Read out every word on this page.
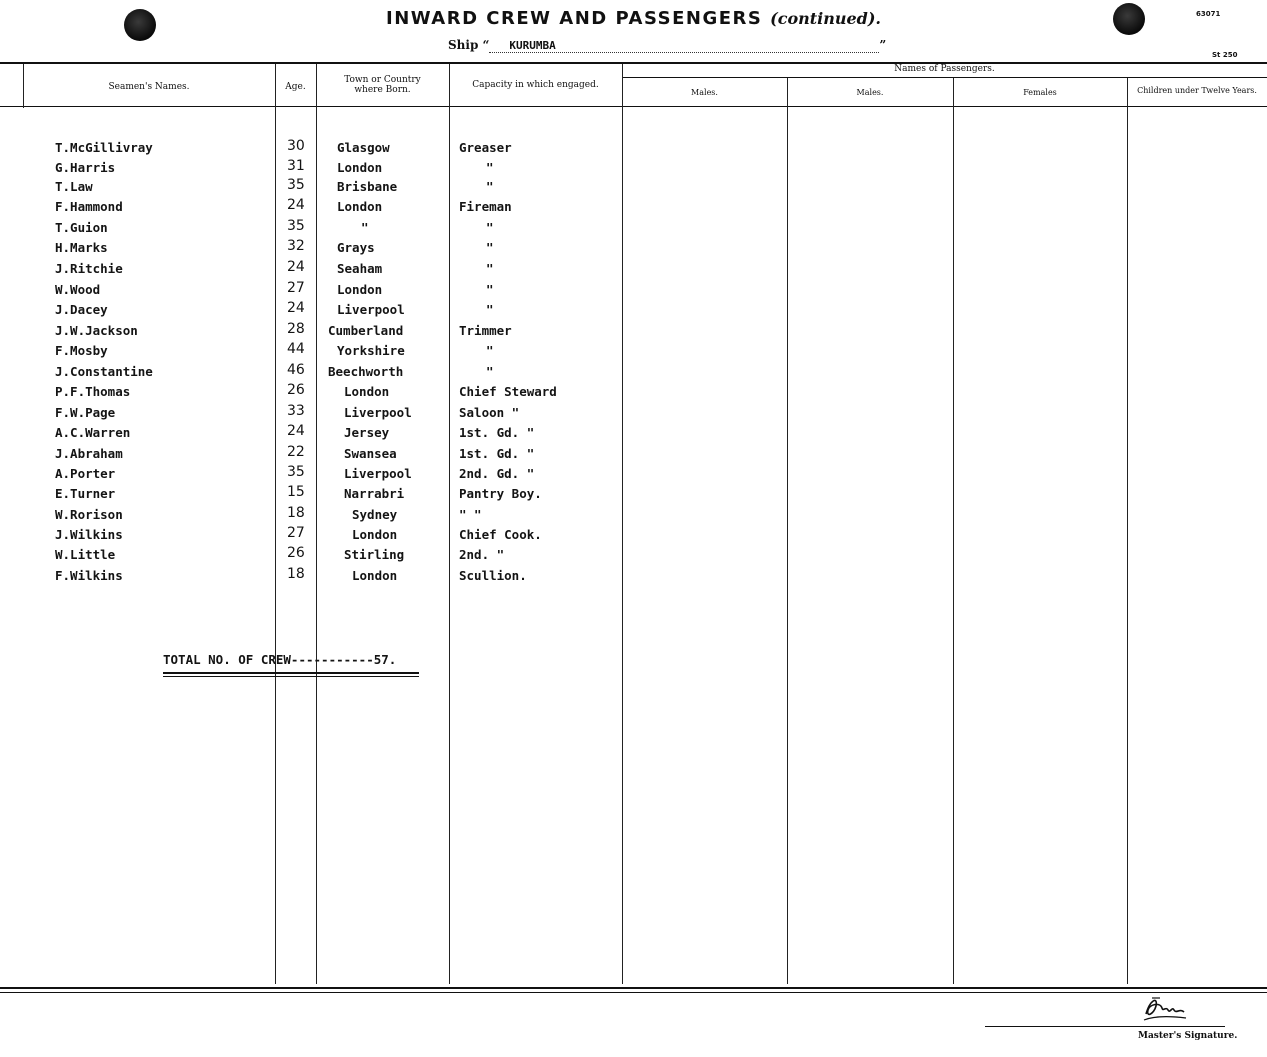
INWARD CREW AND PASSENGERS (continued).	63071
St 250
Ship “ KURUMBA	”
Seamen's Names.	Age.
Town or Country
where Born.	Capacity in which engaged.
Names of Passengers.
Males.	Males.	Females	Children under Twelve Years.
T.McGillivray	30	Glasgow	Greaser
G.Harris	31	London	"
T.Law	35	Brisbane	"
F.Hammond	24	London	Fireman
T.Guion	35	"	"
H.Marks	32	Grays	"
J.Ritchie	24	Seaham	"
W.Wood	27	London	"
J.Dacey	24	Liverpool	"
J.W.Jackson	28 Cumberland	Trimmer
F.Mosby	44	Yorkshire	"
J.Constantine	46 Beechworth	"
P.F.Thomas	26	London	Chief Steward
F.W.Page	33	Liverpool	Saloon "
A.C.Warren	24	Jersey	1st. Gd. "
J.Abraham	22	Swansea	1st. Gd. "
A.Porter	35	Liverpool	2nd. Gd. "
E.Turner	15	Narrabri	Pantry Boy.
W.Rorison	18	Sydney	" "
J.Wilkins	27	London	Chief Cook.
W.Little	26	Stirling	2nd. "
F.Wilkins	18	London	Scullion.
TOTAL NO. OF CREW-----------57.
Master's Signature.
